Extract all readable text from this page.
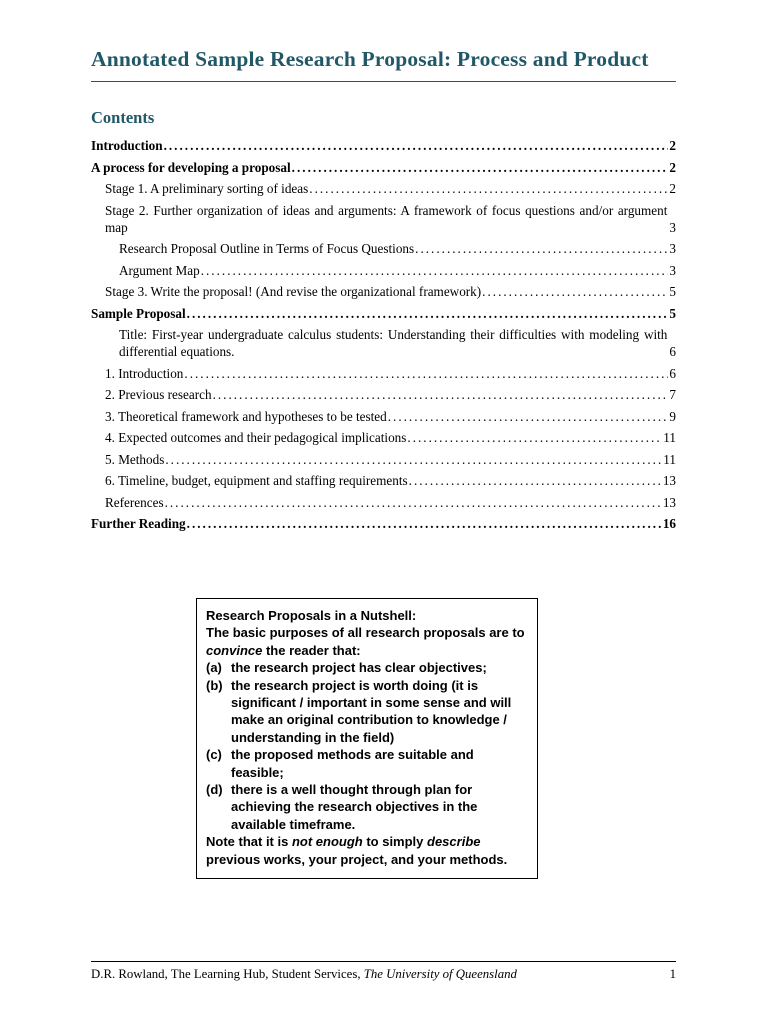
Annotated Sample Research Proposal: Process and Product
Contents
Introduction .....	2
A process for developing a proposal .....	2
Stage 1. A preliminary sorting of ideas .....	2
Stage 2. Further organization of ideas and arguments: A framework of focus questions and/or argument map	3
Research Proposal Outline in Terms of Focus Questions .....	3
Argument Map .....	3
Stage 3. Write the proposal! (And revise the organizational framework) .....	5
Sample Proposal .....	5
Title: First-year undergraduate calculus students: Understanding their difficulties with modeling with differential equations.	6
1. Introduction .....	6
2. Previous research .....	7
3. Theoretical framework and hypotheses to be tested .....	9
4. Expected outcomes and their pedagogical implications .....	11
5. Methods .....	11
6. Timeline, budget, equipment and staffing requirements .....	13
References .....	13
Further Reading .....	16

Research Proposals in a Nutshell:

The basic purposes of all research proposals are to convince the reader that:

(a) the research project has clear objectives;
(b) the research project is worth doing (it is significant / important in some sense and will make an original contribution to knowledge / understanding in the field)
(c) the proposed methods are suitable and feasible;
(d) there is a well thought through plan for achieving the research objectives in the available timeframe.

Note that it is not enough to simply describe previous works, your project, and your methods.

D.R. Rowland, The Learning Hub, Student Services, The University of Queensland	1
